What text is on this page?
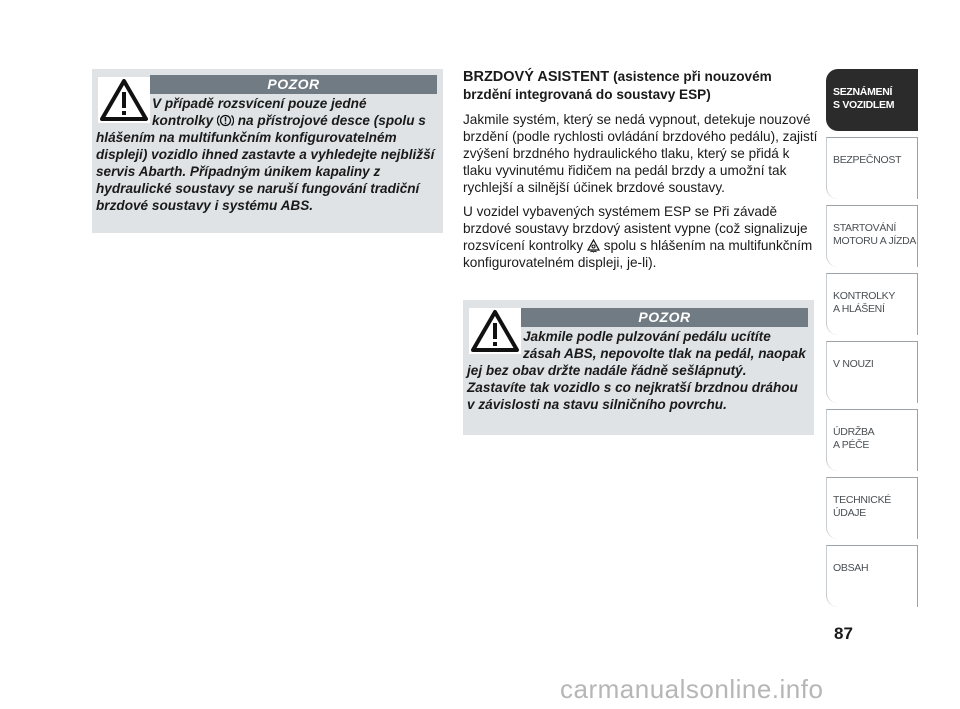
POZOR

V případě rozsvícení pouze jedné
kontrolky na přístrojové desce (spolu s hlášením na multifunkčním konfigurovatelném displeji) vozidlo ihned zastavte a vyhledejte nejbližší servis Abarth. Případným únikem kapaliny z hydraulické soustavy se naruší fungování tradiční brzdové soustavy i systému ABS.

BRZDOVÝ ASISTENT (asistence při nouzovém brzdění integrovaná do soustavy ESP)

Jakmile systém, který se nedá vypnout, detekuje nouzové brzdění (podle rychlosti ovládání brzdového pedálu), zajistí zvýšení brzdného hydraulického tlaku, který se přidá k tlaku vyvinutému řidičem na pedál brzdy a umožní tak rychlejší a silnější účinek brzdové soustavy.

U vozidel vybavených systémem ESP se Při závadě brzdové soustavy brzdový asistent vypne (což signalizuje rozsvícení kontrolky spolu s hlášením na multifunkčním konfigurovatelném displeji, je-li).

POZOR

Jakmile podle pulzování pedálu ucítíte
zásah ABS, nepovolte tlak na pedál, naopak jej bez obav držte nadále řádně sešlápnutý. Zastavíte tak vozidlo s co nejkratší brzdnou dráhou v závislosti na stavu silničního povrchu.

SEZNÁMENÍ
S VOZIDLEM
BEZPEČNOST
STARTOVÁNÍ
MOTORU A JÍZDA
KONTROLKY
A HLÁŠENÍ
V NOUZI
ÚDRŽBA
A PÉČE
TECHNICKÉ
ÚDAJE
OBSAH
87
carmanualsonline.info
